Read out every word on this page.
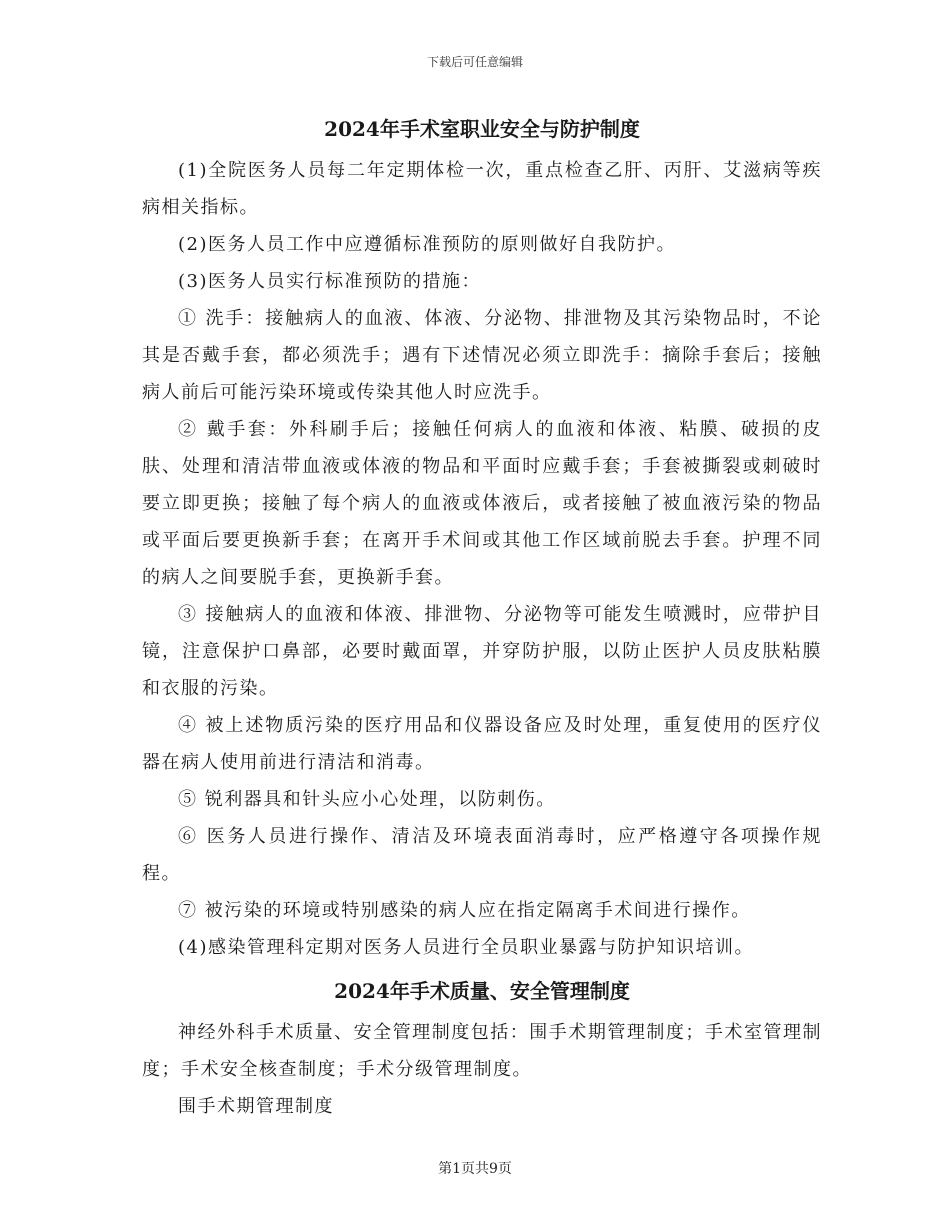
下载后可任意编辑
2024年手术室职业安全与防护制度

(1)全院医务人员每二年定期体检一次，重点检查乙肝、丙肝、艾滋病等疾病相关指标。

(2)医务人员工作中应遵循标准预防的原则做好自我防护。

(3)医务人员实行标准预防的措施：

① 洗手：接触病人的血液、体液、分泌物、排泄物及其污染物品时，不论其是否戴手套，都必须洗手；遇有下述情况必须立即洗手：摘除手套后；接触病人前后可能污染环境或传染其他人时应洗手。

② 戴手套：外科刷手后；接触任何病人的血液和体液、粘膜、破损的皮肤、处理和清洁带血液或体液的物品和平面时应戴手套；手套被撕裂或刺破时要立即更换；接触了每个病人的血液或体液后，或者接触了被血液污染的物品或平面后要更换新手套；在离开手术间或其他工作区域前脱去手套。护理不同的病人之间要脱手套，更换新手套。

③ 接触病人的血液和体液、排泄物、分泌物等可能发生喷溅时，应带护目镜，注意保护口鼻部，必要时戴面罩，并穿防护服，以防止医护人员皮肤粘膜和衣服的污染。

④ 被上述物质污染的医疗用品和仪器设备应及时处理，重复使用的医疗仪器在病人使用前进行清洁和消毒。

⑤ 锐利器具和针头应小心处理，以防刺伤。

⑥ 医务人员进行操作、清洁及环境表面消毒时，应严格遵守各项操作规程。

⑦ 被污染的环境或特别感染的病人应在指定隔离手术间进行操作。

(4)感染管理科定期对医务人员进行全员职业暴露与防护知识培训。

2024年手术质量、安全管理制度

神经外科手术质量、安全管理制度包括：围手术期管理制度；手术室管理制度；手术安全核查制度；手术分级管理制度。

围手术期管理制度

第1页共9页
